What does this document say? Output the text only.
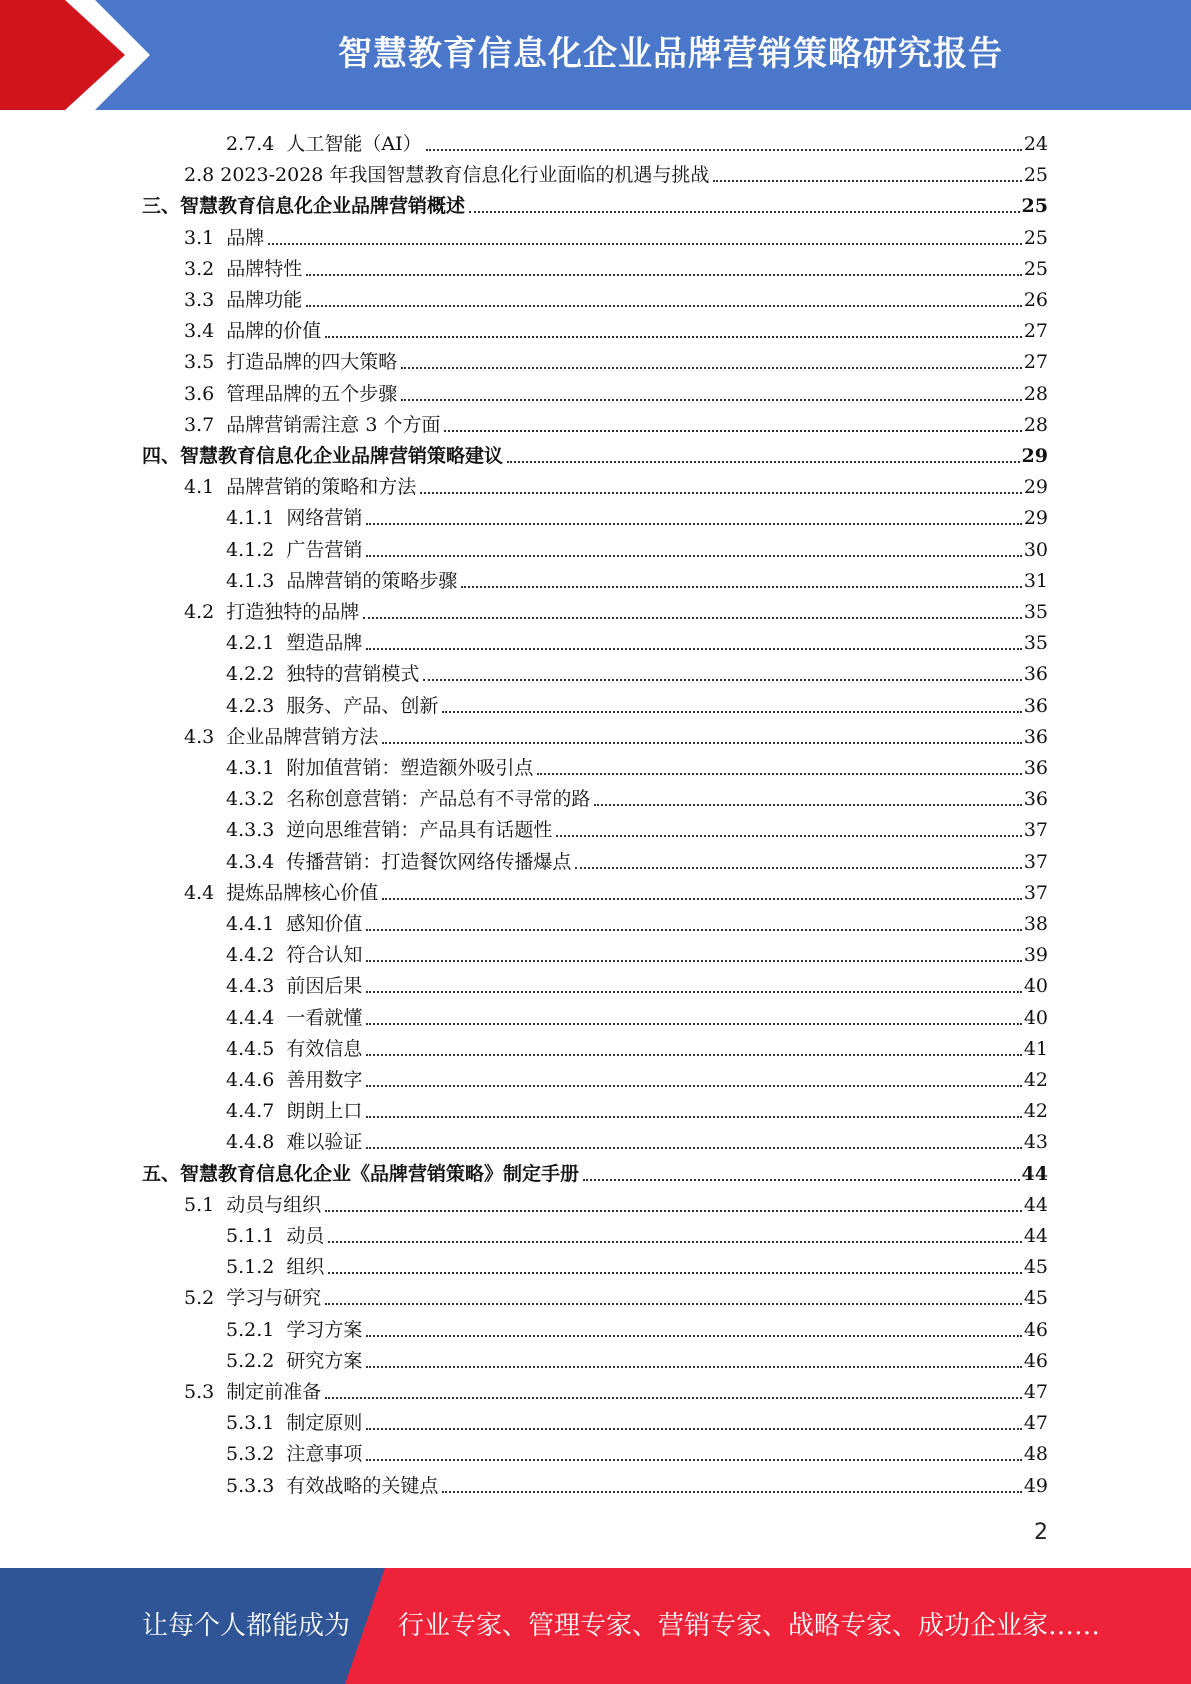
智慧教育信息化企业品牌营销策略研究报告
2.7.4  人工智能（AI）	24
2.8 2023-2028 年我国智慧教育信息化行业面临的机遇与挑战	25
三、智慧教育信息化企业品牌营销概述	25
3.1  品牌	25
3.2  品牌特性	25
3.3  品牌功能	26
3.4  品牌的价值	27
3.5  打造品牌的四大策略	27
3.6  管理品牌的五个步骤	28
3.7  品牌营销需注意 3 个方面	28
四、智慧教育信息化企业品牌营销策略建议	29
4.1  品牌营销的策略和方法	29
4.1.1  网络营销	29
4.1.2  广告营销	30
4.1.3  品牌营销的策略步骤	31
4.2  打造独特的品牌	35
4.2.1  塑造品牌	35
4.2.2  独特的营销模式	36
4.2.3  服务、产品、创新	36
4.3  企业品牌营销方法	36
4.3.1  附加值营销：塑造额外吸引点	36
4.3.2  名称创意营销：产品总有不寻常的路	36
4.3.3  逆向思维营销：产品具有话题性	37
4.3.4  传播营销：打造餐饮网络传播爆点	37
4.4  提炼品牌核心价值	37
4.4.1  感知价值	38
4.4.2  符合认知	39
4.4.3  前因后果	40
4.4.4  一看就懂	40
4.4.5  有效信息	41
4.4.6  善用数字	42
4.4.7  朗朗上口	42
4.4.8  难以验证	43
五、智慧教育信息化企业《品牌营销策略》制定手册	44
5.1  动员与组织	44
5.1.1  动员	44
5.1.2  组织	45
5.2  学习与研究	45
5.2.1  学习方案	46
5.2.2  研究方案	46
5.3  制定前准备	47
5.3.1  制定原则	47
5.3.2  注意事项	48
5.3.3  有效战略的关键点	49
2
让每个人都能成为 行业专家、管理专家、营销专家、战略专家、成功企业家……
